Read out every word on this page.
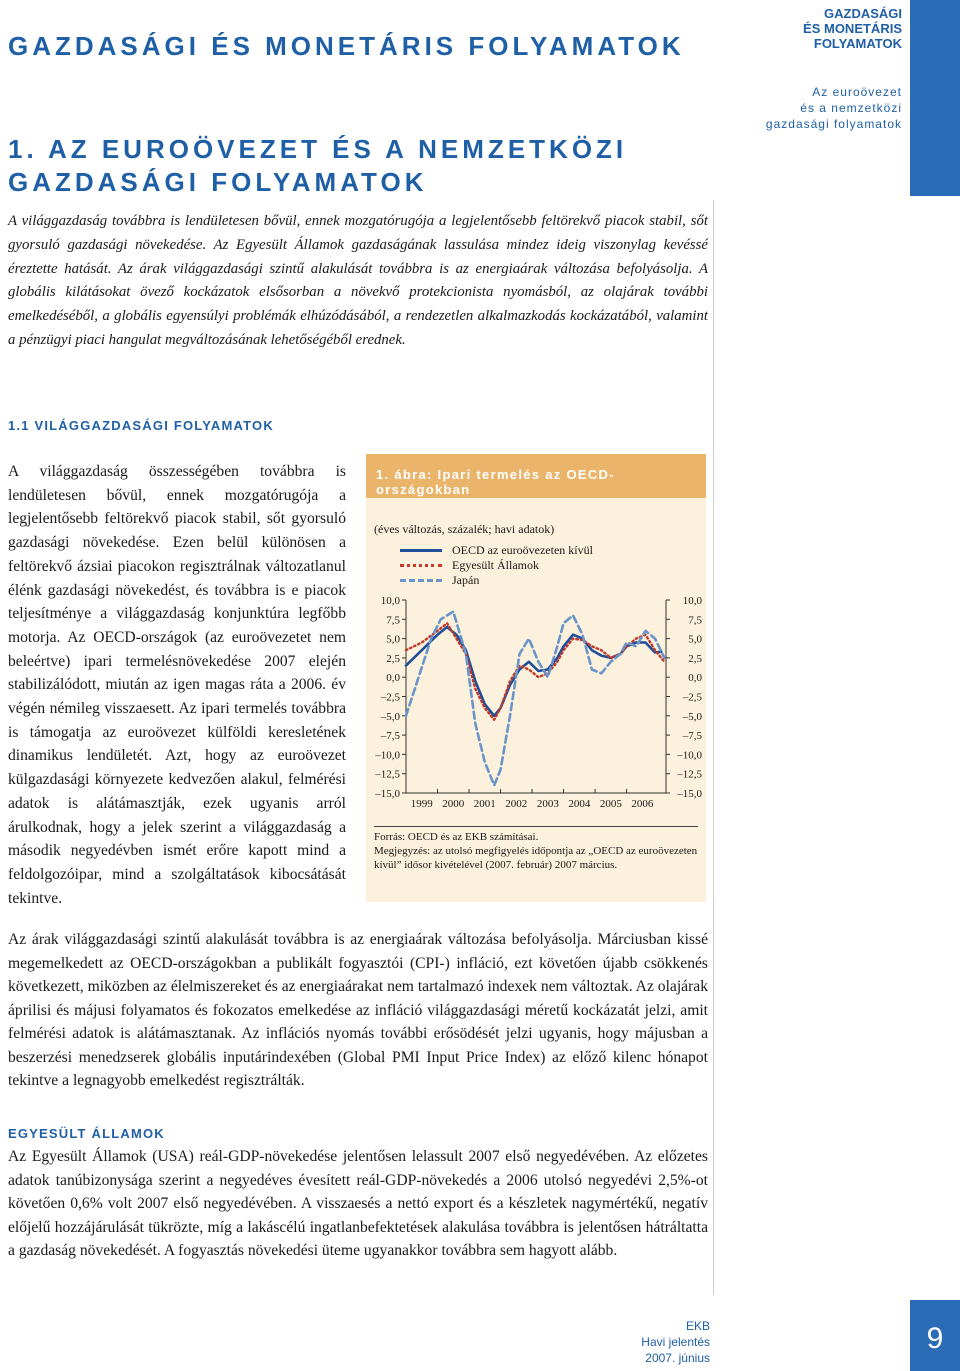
GAZDASÁGI ÉS MONETÁRIS FOLYAMATOK
1. AZ EUROÖVEZET ÉS A NEMZETKÖZI GAZDASÁGI FOLYAMATOK
GAZDASÁGI
ÉS MONETÁRIS
FOLYAMATOK
Az euroövezet
és a nemzetközi
gazdasági folyamatok
A világgazdaság továbbra is lendületesen bővül, ennek mozgatórugója a legjelentősebb feltörekvő piacok stabil, sőt gyorsuló gazdasági növekedése. Az Egyesült Államok gazdaságának lassulása mindez ideig viszonylag kevéssé éreztette hatását. Az árak világgazdasági szintű alakulását továbbra is az energiaárak változása befolyásolja. A globális kilátásokat övező kockázatok elsősorban a növekvő protekcionista nyomásból, az olajárak további emelkedéséből, a globális egyensúlyi problémák elhúzódásából, a rendezetlen alkalmazkodás kockázatából, valamint a pénzügyi piaci hangulat megváltozásának lehetőségéből erednek.
1.1 VILÁGGAZDASÁGI FOLYAMATOK
A világgazdaság összességében továbbra is lendületesen bővül, ennek mozgatórugója a legjelentősebb feltörekvő piacok stabil, sőt gyorsuló gazdasági növekedése. Ezen belül különösen a feltörekvő ázsiai piacokon regisztrálnak változatlanul élénk gazdasági növekedést, és továbbra is e piacok teljesítménye a világgazdaság konjunktúra legfőbb motorja. Az OECD-országok (az euroövezetet nem beleértve) ipari termelésnövekedése 2007 elején stabilizálódott, miután az igen magas ráta a 2006. év végén némileg visszaesett. Az ipari termelés továbbra is támogatja az euroövezet külföldi keresletének dinamikus lendületét. Azt, hogy az euroövezet külgazdasági környezete kedvezően alakul, felmérési adatok is alátámasztják, ezek ugyanis arról árulkodnak, hogy a jelek szerint a világgazdaság a második negyedévben ismét erőre kapott mind a feldolgozóipar, mind a szolgáltatások kibocsátását tekintve.
1. ábra: Ipari termelés az OECD-országokban
(éves változás, százalék; havi adatok)
OECD az euroövezeten kívül
Egyesült Államok
Japán
10,0	10,0
7,5	7,5
5,0	5,0
2,5	2,5
0,0	0,0
–2,5	–2,5
–5,0	–5,0
–7,5	–7,5
–10,0	–10,0
–12,5	–12,5
–15,0	–15,0
1999 2000 2001 2002 2003 2004 2005 2006
Forrás: OECD és az EKB számításai.
Megjegyzés: az utolsó megfigyelés időpontja az „OECD az euroövezeten kívül” idősor kivételével (2007. február) 2007 március.
Az árak világgazdasági szintű alakulását továbbra is az energiaárak változása befolyásolja. Márciusban kissé megemelkedett az OECD-országokban a publikált fogyasztói (CPI-) infláció, ezt követően újabb csökkenés következett, miközben az élelmiszereket és az energiaárakat nem tartalmazó indexek nem változtak. Az olajárak áprilisi és májusi folyamatos és fokozatos emelkedése az infláció világgazdasági méretű kockázatát jelzi, amit felmérési adatok is alátámasztanak. Az inflációs nyomás további erősödését jelzi ugyanis, hogy májusban a beszerzési menedzserek globális inputárindexében (Global PMI Input Price Index) az előző kilenc hónapot tekintve a legnagyobb emelkedést regisztrálták.
EGYESÜLT ÁLLAMOK
Az Egyesült Államok (USA) reál-GDP-növekedése jelentősen lelassult 2007 első negyedévében. Az előzetes adatok tanúbizonysága szerint a negyedéves évesített reál-GDP-növekedés a 2006 utolsó negyedévi 2,5%-ot követően 0,6% volt 2007 első negyedévében. A visszaesés a nettó export és a készletek nagymértékű, negatív előjelű hozzájárulását tükrözte, míg a lakáscélú ingatlanbefektetések alakulása továbbra is jelentősen hátráltatta a gazdaság növekedését. A fogyasztás növekedési üteme ugyanakkor továbbra sem hagyott alább.
EKB
Havi jelentés
2007. június
9
